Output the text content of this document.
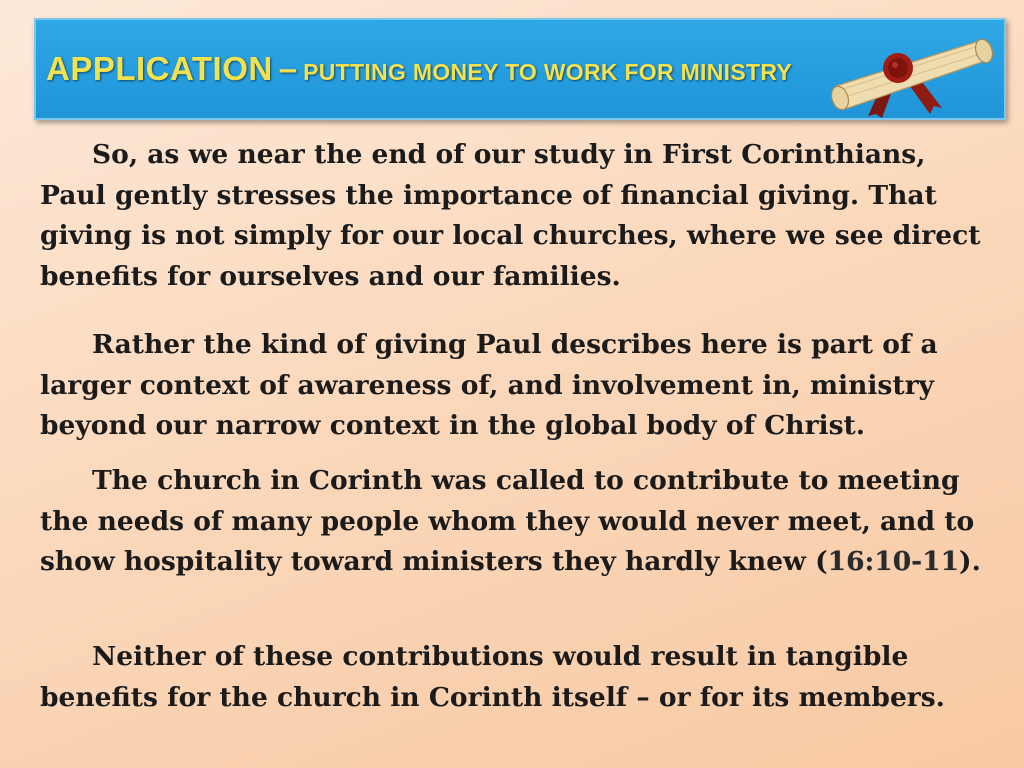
APPLICATION – PUTTING MONEY TO WORK FOR MINISTRY

So, as we near the end of our study in First Corinthians, Paul gently stresses the importance of financial giving. That giving is not simply for our local churches, where we see direct benefits for ourselves and our families.

Rather the kind of giving Paul describes here is part of a larger context of awareness of, and involvement in, ministry beyond our narrow context in the global body of Christ.

The church in Corinth was called to contribute to meeting the needs of many people whom they would never meet, and to show hospitality toward ministers they hardly knew (16:10-11).

Neither of these contributions would result in tangible benefits for the church in Corinth itself – or for its members.
